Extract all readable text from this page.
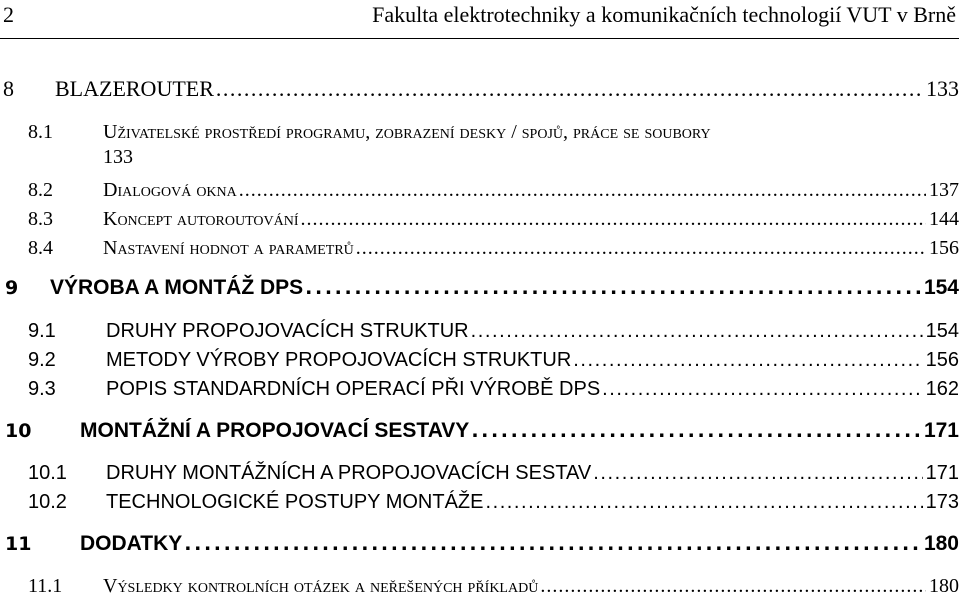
2	Fakulta elektrotechniky a komunikačních technologií VUT v Brně
8	BLAZEROUTER . . .	133
8.1	Uživatelské prostředí programu, zobrazení desky / spojů, práce se soubory
133
8.2	Dialogová okna . . .	137
8.3	Koncept autoroutování . . .	144
8.4	Nastavení hodnot a parametrů . . .	156
9	VÝROBA A MONTÁŽ DPS . . .	154
9.1	DRUHY PROPOJOVACÍCH STRUKTUR . . .	154
9.2	METODY VÝROBY PROPOJOVACÍCH STRUKTUR . . .	156
9.3	POPIS STANDARDNÍCH OPERACÍ PŘI VÝROBĚ DPS . . .	162
10	MONTÁŽNÍ A PROPOJOVACÍ SESTAVY . . .	171
10.1	DRUHY MONTÁŽNÍCH A PROPOJOVACÍCH SESTAV . . .	171
10.2	TECHNOLOGICKÉ POSTUPY MONTÁŽE . . .	173
11	DODATKY . . .	180
11.1	Výsledky kontrolních otázek a neřešených příkladů . . .	180
